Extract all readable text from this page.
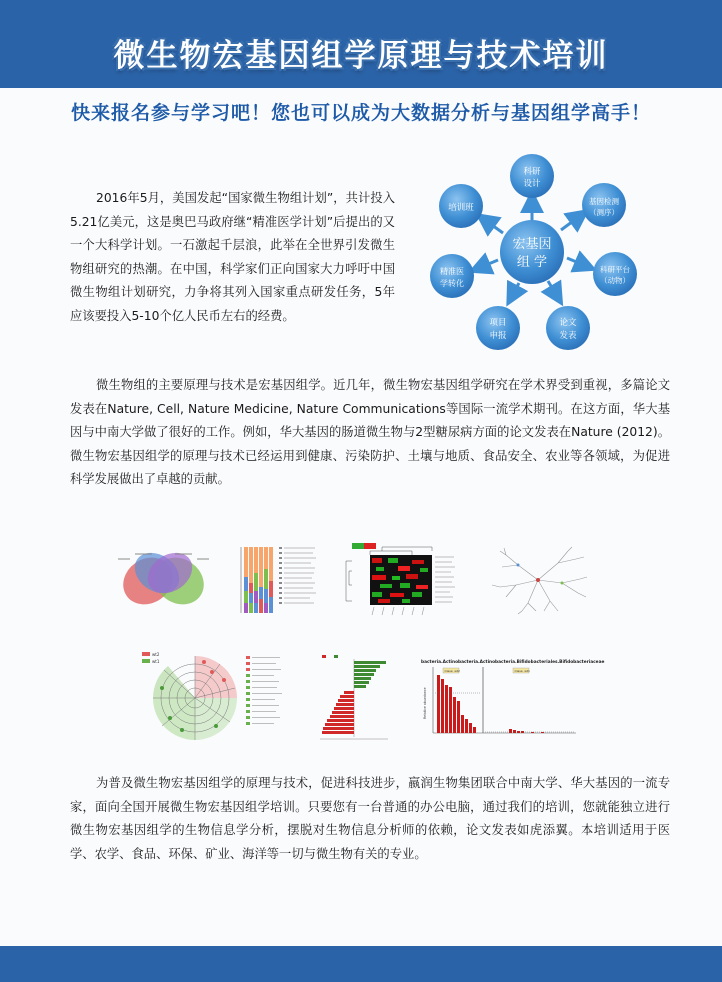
微生物宏基因组学原理与技术培训
快来报名参与学习吧！您也可以成为大数据分析与基因组学高手！

2016年5月，美国发起“国家微生物组计划”，共计投入5.21亿美元，这是奥巴马政府继“精准医学计划”后提出的又一个大科学计划。一石激起千层浪，此举在全世界引发微生物组研究的热潮。在中国，科学家们正向国家大力呼吁中国微生物组计划研究，力争将其列入国家重点研发任务，5年应该要投入5-10个亿人民币左右的经费。

宏基因
组 学
科研
设计
基因检测
（测序）
科研平台
（动物）
论文
发表
项目
申报
精准医
学转化
培训班

微生物组的主要原理与技术是宏基因组学。近几年，微生物宏基因组学研究在学术界受到重视，多篇论文发表在Nature, Cell, Nature Medicine, Nature Communications等国际一流学术期刊。在这方面，华大基因与中南大学做了很好的工作。例如，华大基因的肠道微生物与2型糖尿病方面的论文发表在Nature (2012)。微生物宏基因组学的原理与技术已经运用到健康、污染防护、土壤与地质、食品安全、农业等各领域，为促进科学发展做出了卓越的贡献。

wt2
wt1	bacteria.Actinobacteria.Actinobacteria.Bifidobacteriales.Bifidobacteriaceae
Relative abundance
Class: wt2	Class: wt1

为普及微生物宏基因组学的原理与技术，促进科技进步，嬴润生物集团联合中南大学、华大基因的一流专家，面向全国开展微生物宏基因组学培训。只要您有一台普通的办公电脑，通过我们的培训，您就能独立进行微生物宏基因组学的生物信息学分析，摆脱对生物信息分析师的依赖，论文发表如虎添翼。本培训适用于医学、农学、食品、环保、矿业、海洋等一切与微生物有关的专业。
